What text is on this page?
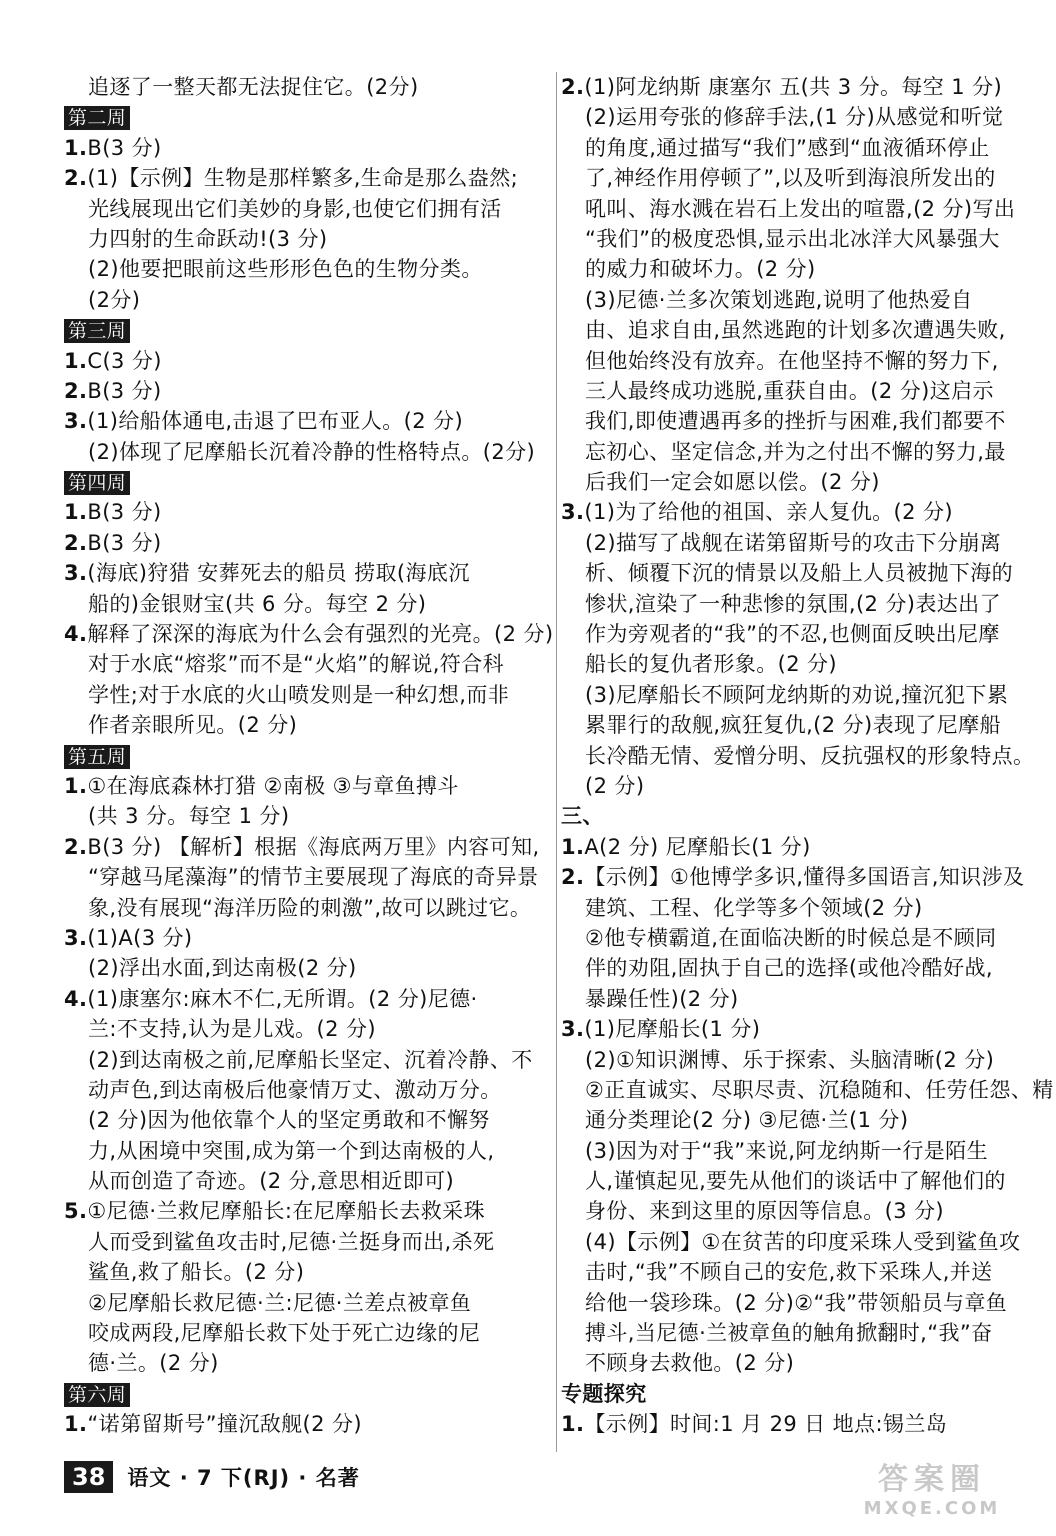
追逐了一整天都无法捉住它。(2分)
第二周
1.B(3 分)
2.(1)【示例】生物是那样繁多,生命是那么盎然;
光线展现出它们美妙的身影,也使它们拥有活
力四射的生命跃动!(3 分)
(2)他要把眼前这些形形色色的生物分类。
(2分)
第三周
1.C(3 分)
2.B(3 分)
3.(1)给船体通电,击退了巴布亚人。(2 分)
(2)体现了尼摩船长沉着冷静的性格特点。(2分)
第四周
1.B(3 分)
2.B(3 分)
3.(海底)狩猎 安葬死去的船员 捞取(海底沉
船的)金银财宝(共 6 分。每空 2 分)
4.解释了深深的海底为什么会有强烈的光亮。(2 分)
对于水底“熔浆”而不是“火焰”的解说,符合科
学性;对于水底的火山喷发则是一种幻想,而非
作者亲眼所见。(2 分)
第五周
1.①在海底森林打猎 ②南极 ③与章鱼搏斗
(共 3 分。每空 1 分)
2.B(3 分) 【解析】根据《海底两万里》内容可知,
“穿越马尾藻海”的情节主要展现了海底的奇异景
象,没有展现“海洋历险的刺激”,故可以跳过它。
3.(1)A(3 分)
(2)浮出水面,到达南极(2 分)
4.(1)康塞尔:麻木不仁,无所谓。(2 分)尼德·
兰:不支持,认为是儿戏。(2 分)
(2)到达南极之前,尼摩船长坚定、沉着冷静、不
动声色,到达南极后他豪情万丈、激动万分。
(2 分)因为他依靠个人的坚定勇敢和不懈努
力,从困境中突围,成为第一个到达南极的人,
从而创造了奇迹。(2 分,意思相近即可)
5.①尼德·兰救尼摩船长:在尼摩船长去救采珠
人而受到鲨鱼攻击时,尼德·兰挺身而出,杀死
鲨鱼,救了船长。(2 分)
②尼摩船长救尼德·兰:尼德·兰差点被章鱼
咬成两段,尼摩船长救下处于死亡边缘的尼
德·兰。(2 分)
第六周
1.“诺第留斯号”撞沉敌舰(2 分)
2.(1)阿龙纳斯 康塞尔 五(共 3 分。每空 1 分)
(2)运用夸张的修辞手法,(1 分)从感觉和听觉
的角度,通过描写“我们”感到“血液循环停止
了,神经作用停顿了”,以及听到海浪所发出的
吼叫、海水溅在岩石上发出的喧嚣,(2 分)写出
“我们”的极度恐惧,显示出北冰洋大风暴强大
的威力和破坏力。(2 分)
(3)尼德·兰多次策划逃跑,说明了他热爱自
由、追求自由,虽然逃跑的计划多次遭遇失败,
但他始终没有放弃。在他坚持不懈的努力下,
三人最终成功逃脱,重获自由。(2 分)这启示
我们,即使遭遇再多的挫折与困难,我们都要不
忘初心、坚定信念,并为之付出不懈的努力,最
后我们一定会如愿以偿。(2 分)
3.(1)为了给他的祖国、亲人复仇。(2 分)
(2)描写了战舰在诺第留斯号的攻击下分崩离
析、倾覆下沉的情景以及船上人员被抛下海的
惨状,渲染了一种悲惨的氛围,(2 分)表达出了
作为旁观者的“我”的不忍,也侧面反映出尼摩
船长的复仇者形象。(2 分)
(3)尼摩船长不顾阿龙纳斯的劝说,撞沉犯下累
累罪行的敌舰,疯狂复仇,(2 分)表现了尼摩船
长冷酷无情、爱憎分明、反抗强权的形象特点。
(2 分)
三、
1.A(2 分) 尼摩船长(1 分)
2.【示例】①他博学多识,懂得多国语言,知识涉及
建筑、工程、化学等多个领域(2 分)
②他专横霸道,在面临决断的时候总是不顾同
伴的劝阻,固执于自己的选择(或他冷酷好战,
暴躁任性)(2 分)
3.(1)尼摩船长(1 分)
(2)①知识渊博、乐于探索、头脑清晰(2 分)
②正直诚实、尽职尽责、沉稳随和、任劳任怨、精
通分类理论(2 分) ③尼德·兰(1 分)
(3)因为对于“我”来说,阿龙纳斯一行是陌生
人,谨慎起见,要先从他们的谈话中了解他们的
身份、来到这里的原因等信息。(3 分)
(4)【示例】①在贫苦的印度采珠人受到鲨鱼攻
击时,“我”不顾自己的安危,救下采珠人,并送
给他一袋珍珠。(2 分)②“我”带领船员与章鱼
搏斗,当尼德·兰被章鱼的触角掀翻时,“我”奋
不顾身去救他。(2 分)
专题探究
1.【示例】时间:1 月 29 日 地点:锡兰岛
38	语文 · 7 下(RJ) · 名著	答案圈
MXQE.COM
